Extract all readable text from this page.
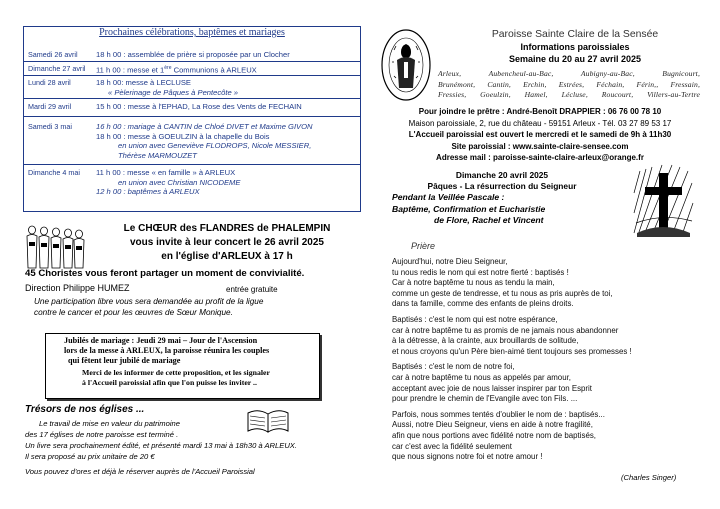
Prochaines célébrations, baptêmes et mariages
Samedi 26 avril	18 h 00 : assemblée de prière si proposée par un Clocher
Dimanche 27 avril	11 h 00 : messe et 1ère Communions à ARLEUX
Lundi 28 avril	18 h 00: messe à LECLUSE
« Pèlerinage de Pâques à Pentecôte »
Mardi 29 avril	15 h 00 : messe à l'EPHAD, La Rose des Vents de FECHAIN
Samedi 3 mai	16 h 00 : mariage à CANTIN de Chloé DIVET et Maxime GIVON
18 h 00 : messe à GOEULZIN à la chapelle du Bois
en union avec Geneviève FLODROPS, Nicole MESSIER,
Thérèse MARMOUZET
Dimanche 4 mai	11 h 00 : messe « en famille » à ARLEUX
en union avec Christian NICODEME
12 h 00 : baptêmes à ARLEUX
Le CHŒUR des FLANDRES de PHALEMPIN
vous invite à leur concert le 26 avril 2025
en l'église d'ARLEUX à 17 h
45 Choristes vous feront partager un moment de convivialité.
Direction Philippe HUMEZ	entrée gratuite
Une participation libre vous sera demandée au profit de la ligue
contre le cancer et pour les œuvres de Sœur Monique.
Jubilés de mariage : Jeudi 29 mai – Jour de l'Ascension
lors de la messe à ARLEUX, la paroisse réunira les couples
qui fêtent leur jubilé de mariage
Merci de les informer de cette proposition, et les signaler
à l'Accueil paroissial afin que l'on puisse les inviter ..
Trésors de nos églises ...
Le travail de mise en valeur du patrimoine
des 17 églises de notre paroisse est terminé .
Un livre sera prochainement édité, et présenté mardi 13 mai à 18h30 à ARLEUX.
Il sera proposé au prix unitaire de 20 €
Vous pouvez d'ores et déjà le réserver auprès de l'Accueil Paroissial
Paroisse Sainte Claire de la Sensée
Informations paroissiales
Semaine du 20 au 27 avril 2025
Arleux, Aubencheul-au-Bac, Aubigny-au-Bac, Bugnicourt,
Brunémont, Cantin, Erchin, Estrées, Féchain, Férin,, Fressain,
Fressies, Goeulzin, Hamel, Lécluse, Roucourt, Villers-au-Tertre
Pour joindre le prêtre : André-Benoît DRAPPIER : 06 76 00 78 10
Maison paroissiale, 2, rue du château - 59151 Arleux - Tél. 03 27 89 53 17
L'Accueil paroissial est ouvert le mercredi et le samedi de 9h à 11h30
Site paroissial : www.sainte-claire-sensee.com
Adresse mail : paroisse-sainte-claire-arleux@orange.fr
Dimanche 20 avril 2025
Pâques - La résurrection du Seigneur
Pendant la Veillée Pascale :
Baptême, Confirmation et Eucharistie
de Flore, Rachel et Vincent
Prière
Aujourd'hui, notre Dieu Seigneur,
tu nous redis le nom qui est notre fierté : baptisés !
Car à notre baptême tu nous as tendu la main,
comme un geste de tendresse, et tu nous as pris auprès de toi,
dans ta famille, comme des enfants de pleins droits.
Baptisés : c'est le nom qui est notre espérance,
car à notre baptême tu as promis de ne jamais nous abandonner
à la détresse, à la crainte, aux brouillards de solitude,
et nous croyons qu'un Père bien-aimé tient toujours ses promesses !
Baptisés : c'est le nom de notre foi,
car à notre baptême tu nous as appelés par amour,
acceptant avec joie de nous laisser inspirer par ton Esprit
pour prendre le chemin de l'Evangile avec ton Fils. ...
Parfois, nous sommes tentés d'oublier le nom de : baptisés...
Aussi, notre Dieu Seigneur, viens en aide à notre fragilité,
afin que nous portions avec fidélité notre nom de baptisés,
car c'est avec la fidélité seulement
que nous signons notre foi et notre amour !
(Charles Singer)
